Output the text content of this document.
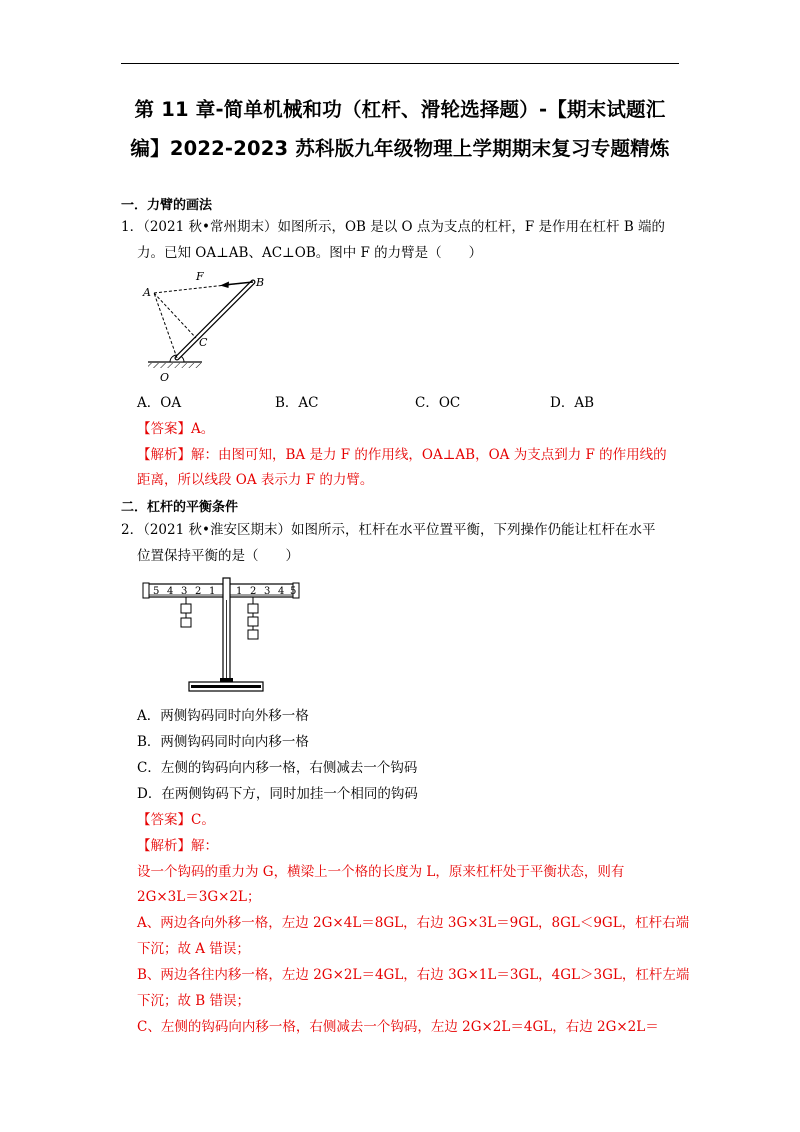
第 11 章-简单机械和功（杠杆、滑轮选择题）-【期末试题汇
编】2022-2023 苏科版九年级物理上学期期末复习专题精炼
一．力臂的画法
1．（2021 秋•常州期末）如图所示，OB 是以 O 点为支点的杠杆，F 是作用在杠杆 B 端的
力。已知 OA⊥AB、AC⊥OB。图中 F 的力臂是（　　）
F
A
B
C
O
A．OA	B．AC	C．OC	D．AB
【答案】A。
【解析】解：由图可知，BA 是力 F 的作用线，OA⊥AB，OA 为支点到力 F 的作用线的
距离，所以线段 OA 表示力 F 的力臂。
二．杠杆的平衡条件
2．（2021 秋•淮安区期末）如图所示，杠杆在水平位置平衡，下列操作仍能让杠杆在水平
位置保持平衡的是（　　）
5 4 3 2 1 1 2 3 4 5
A．两侧钩码同时向外移一格
B．两侧钩码同时向内移一格
C．左侧的钩码向内移一格，右侧减去一个钩码
D．在两侧钩码下方，同时加挂一个相同的钩码
【答案】C。
【解析】解：
设一个钩码的重力为 G，横梁上一个格的长度为 L，原来杠杆处于平衡状态，则有
2G×3L＝3G×2L；
A、两边各向外移一格，左边 2G×4L＝8GL，右边 3G×3L＝9GL，8GL＜9GL，杠杆右端
下沉；故 A 错误；
B、两边各往内移一格，左边 2G×2L＝4GL，右边 3G×1L＝3GL，4GL＞3GL，杠杆左端
下沉；故 B 错误；
C、左侧的钩码向内移一格，右侧减去一个钩码，左边 2G×2L＝4GL，右边 2G×2L＝
